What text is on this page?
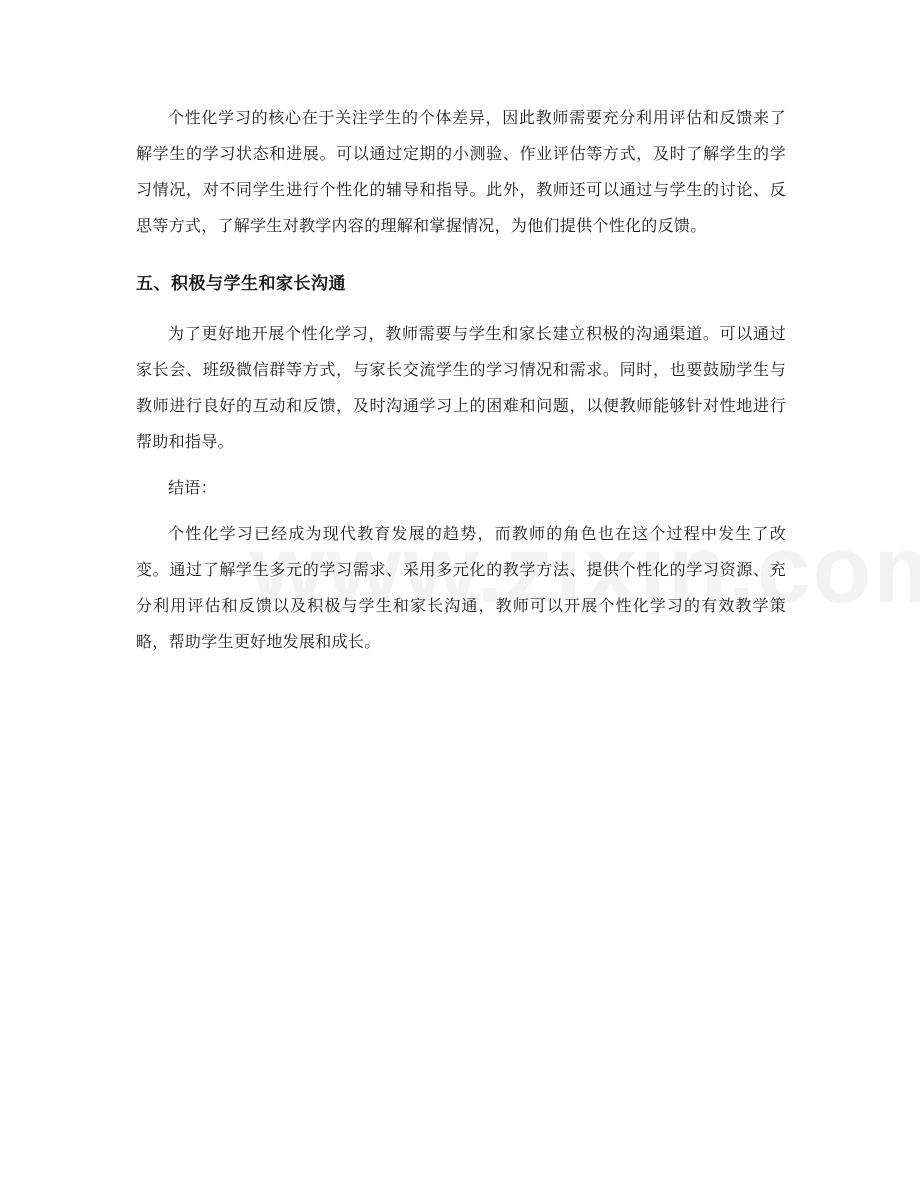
个性化学习的核心在于关注学生的个体差异，因此教师需要充分利用评估和反馈来了解学生的学习状态和进展。可以通过定期的小测验、作业评估等方式，及时了解学生的学习情况，对不同学生进行个性化的辅导和指导。此外，教师还可以通过与学生的讨论、反思等方式，了解学生对教学内容的理解和掌握情况，为他们提供个性化的反馈。

五、积极与学生和家长沟通

为了更好地开展个性化学习，教师需要与学生和家长建立积极的沟通渠道。可以通过家长会、班级微信群等方式，与家长交流学生的学习情况和需求。同时，也要鼓励学生与教师进行良好的互动和反馈，及时沟通学习上的困难和问题，以便教师能够针对性地进行帮助和指导。

结语：

个性化学习已经成为现代教育发展的趋势，而教师的角色也在这个过程中发生了改变。通过了解学生多元的学习需求、采用多元化的教学方法、提供个性化的学习资源、充分利用评估和反馈以及积极与学生和家长沟通，教师可以开展个性化学习的有效教学策略，帮助学生更好地发展和成长。
